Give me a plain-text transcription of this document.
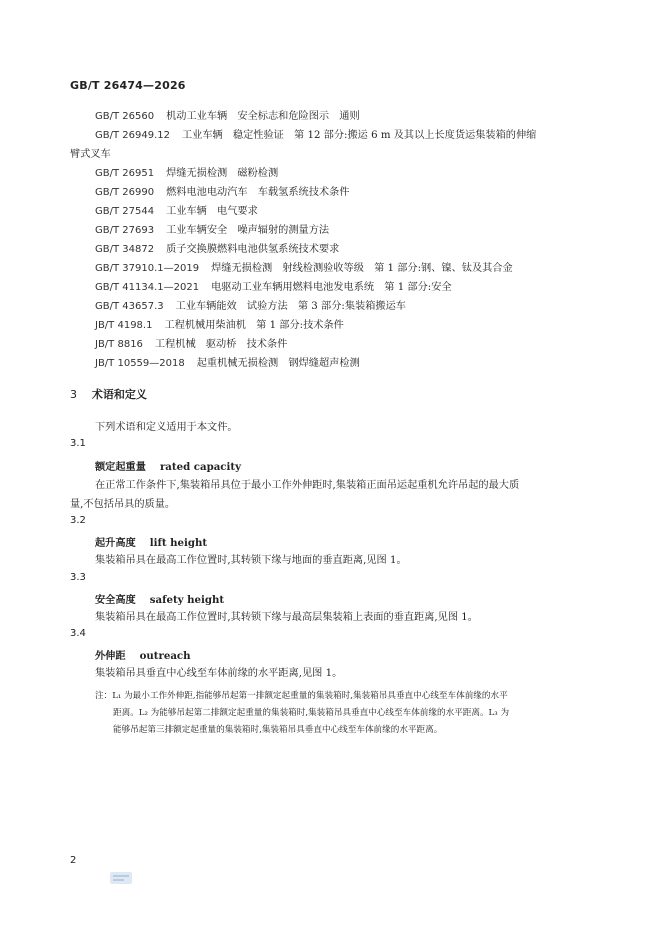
GB/T 26474—2026
GB/T 26560 机动工业车辆　安全标志和危险图示　通则
GB/T 26949.12 工业车辆　稳定性验证　第 12 部分:搬运 6 m 及其以上长度货运集装箱的伸缩
臂式叉车
GB/T 26951 焊缝无损检测　磁粉检测
GB/T 26990 燃料电池电动汽车　车载氢系统技术条件
GB/T 27544 工业车辆　电气要求
GB/T 27693 工业车辆安全　噪声辐射的测量方法
GB/T 34872 质子交换膜燃料电池供氢系统技术要求
GB/T 37910.1—2019 焊缝无损检测　射线检测验收等级　第 1 部分:钢、镍、钛及其合金
GB/T 41134.1—2021 电驱动工业车辆用燃料电池发电系统　第 1 部分:安全
GB/T 43657.3 工业车辆能效　试验方法　第 3 部分:集装箱搬运车
JB/T 4198.1 工程机械用柴油机　第 1 部分:技术条件
JB/T 8816 工程机械　驱动桥　技术条件
JB/T 10559—2018 起重机械无损检测　钢焊缝超声检测
3 术语和定义
下列术语和定义适用于本文件。
3.1
额定起重量 rated capacity
在正常工作条件下,集装箱吊具位于最小工作外伸距时,集装箱正面吊运起重机允许吊起的最大质
量,不包括吊具的质量。
3.2
起升高度 lift height
集装箱吊具在最高工作位置时,其转锁下缘与地面的垂直距离,见图 1。
3.3
安全高度 safety height
集装箱吊具在最高工作位置时,其转锁下缘与最高层集装箱上表面的垂直距离,见图 1。
3.4
外伸距 outreach
集装箱吊具垂直中心线至车体前缘的水平距离,见图 1。
注：L₁ 为最小工作外伸距,指能够吊起第一排额定起重量的集装箱时,集装箱吊具垂直中心线至车体前缘的水平
距离。L₂ 为能够吊起第二排额定起重量的集装箱时,集装箱吊具垂直中心线至车体前缘的水平距离。L₃ 为
能够吊起第三排额定起重量的集装箱时,集装箱吊具垂直中心线至车体前缘的水平距离。
2
